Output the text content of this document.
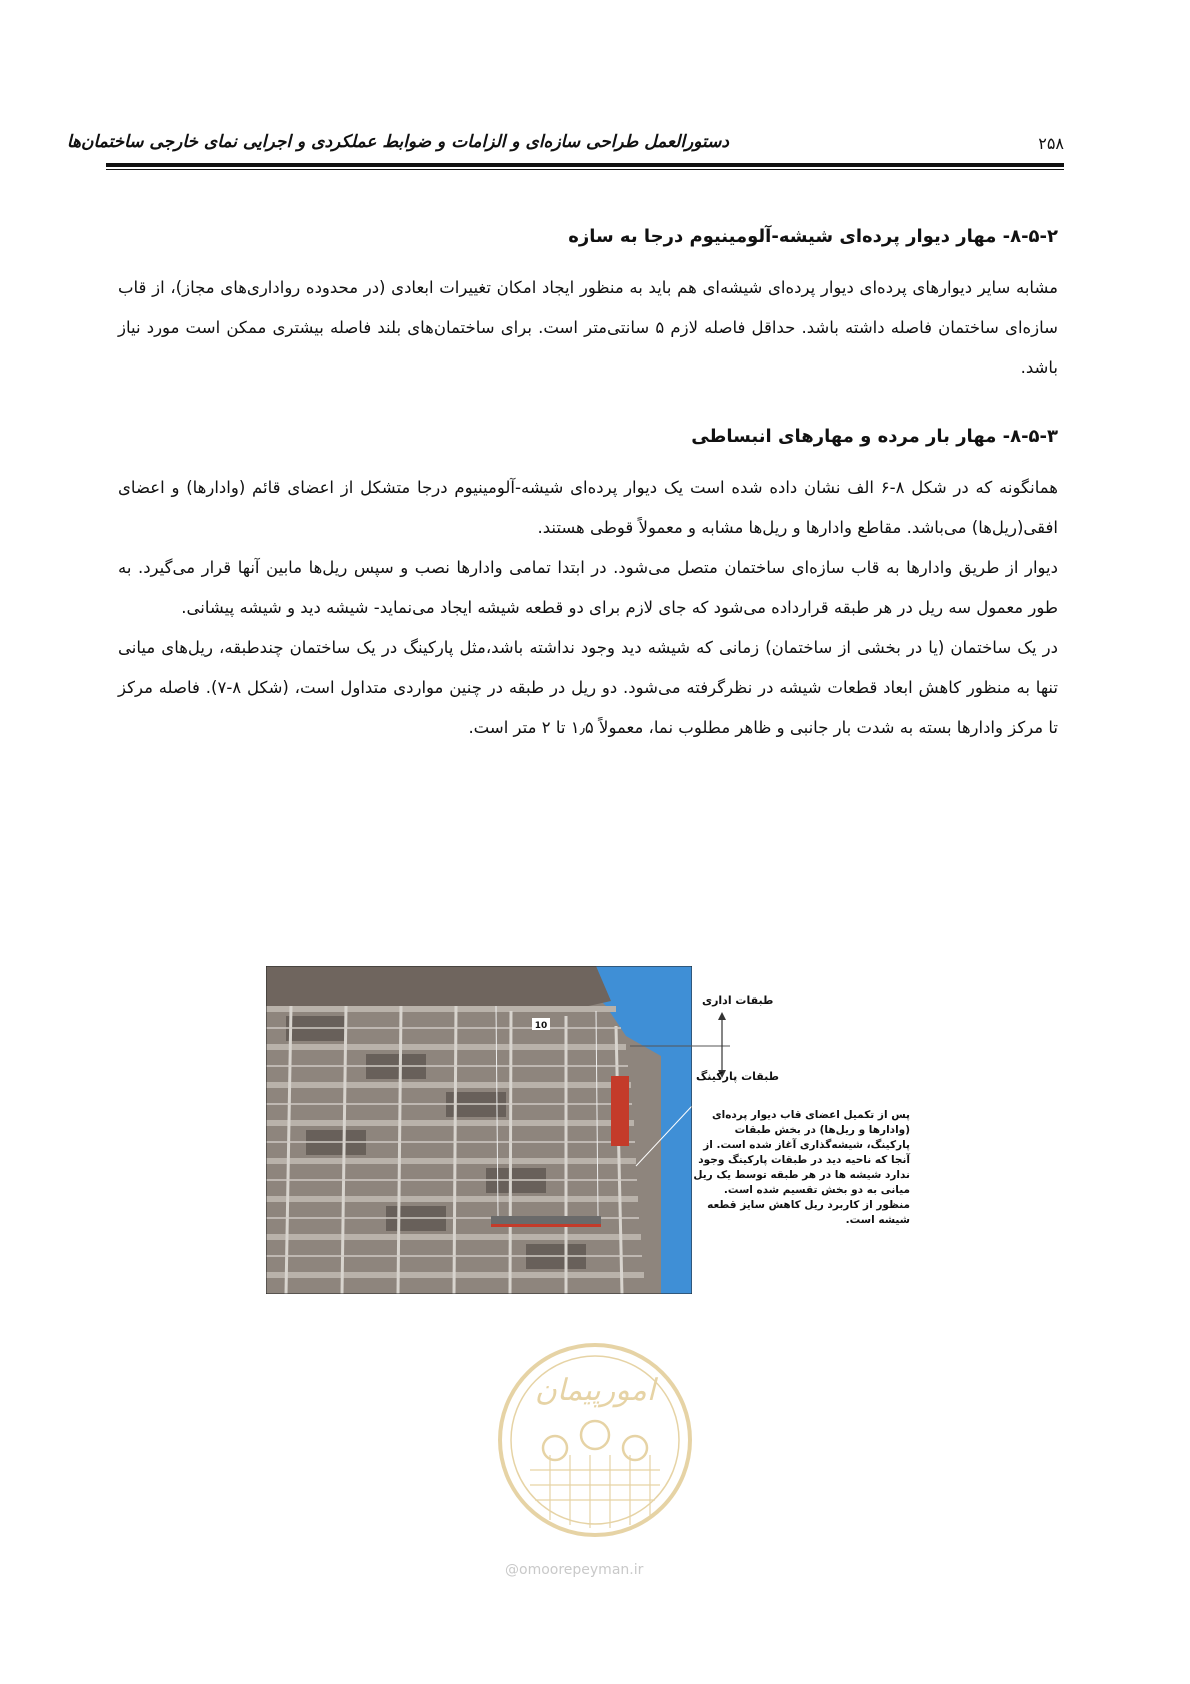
دستورالعمل طراحی سازه‌ای و الزامات و ضوابط عملکردی و اجرایی نمای خارجی ساختمان‌ها	۲۵۸
۸-۵-۲- مهار دیوار پرده‌ای شیشه-آلومینیوم درجا به سازه

مشابه سایر دیوارهای پرده‌ای دیوار پرده‌ای شیشه‌ای هم باید به منظور ایجاد امکان تغییرات ابعادی (در محدوده رواداری‌های مجاز)، از قاب سازه‌ای ساختمان فاصله داشته باشد. حداقل فاصله لازم ۵ سانتی‌متر است. برای ساختمان‌های بلند فاصله بیشتری ممکن است مورد نیاز باشد.

۸-۵-۳- مهار بار مرده و مهارهای انبساطی

همانگونه که در شکل ۸-۶ الف نشان داده شده است یک دیوار پرده‌ای شیشه-آلومینیوم درجا متشکل از اعضای قائم (وادارها) و اعضای افقی(ریل‌ها) می‌باشد. مقاطع وادارها و ریل‌ها مشابه و معمولاً قوطی هستند.

دیوار از طریق وادارها به قاب سازه‌ای ساختمان متصل می‌شود. در ابتدا تمامی وادارها نصب و سپس ریل‌ها مابین آنها قرار می‌گیرد. به طور معمول سه ریل در هر طبقه قرارداده می‌شود که جای لازم برای دو قطعه شیشه ایجاد می‌نماید- شیشه دید و شیشه پیشانی.

در یک ساختمان (یا در بخشی از ساختمان) زمانی که شیشه دید وجود نداشته باشد،مثل پارکینگ در یک ساختمان چندطبقه، ریل‌های میانی تنها به منظور کاهش ابعاد قطعات شیشه در نظرگرفته می‌شود. دو ریل در طبقه در چنین مواردی متداول است، (شکل ۸-۷). فاصله مرکز تا مرکز وادارها بسته به شدت بار جانبی و ظاهر مطلوب نما، معمولاً ۱٫۵ تا ۲ متر است.

10
طبقات اداری
طبقات پارکینگ
پس از تکمیل اعضای قاب دیوار پرده‌ای (وادارها و ریل‌ها) در بخش طبقات پارکینگ، شیشه‌گذاری آغاز شده است. از آنجا که ناحیه دید در طبقات پارکینگ وجود ندارد شیشه ها در هر طبقه توسط یک ریل میانی به دو بخش تقسیم شده است. منظور از کاربرد ریل کاهش سایز قطعه شیشه است.
امورپیمان
@omoorepeyman.ir
